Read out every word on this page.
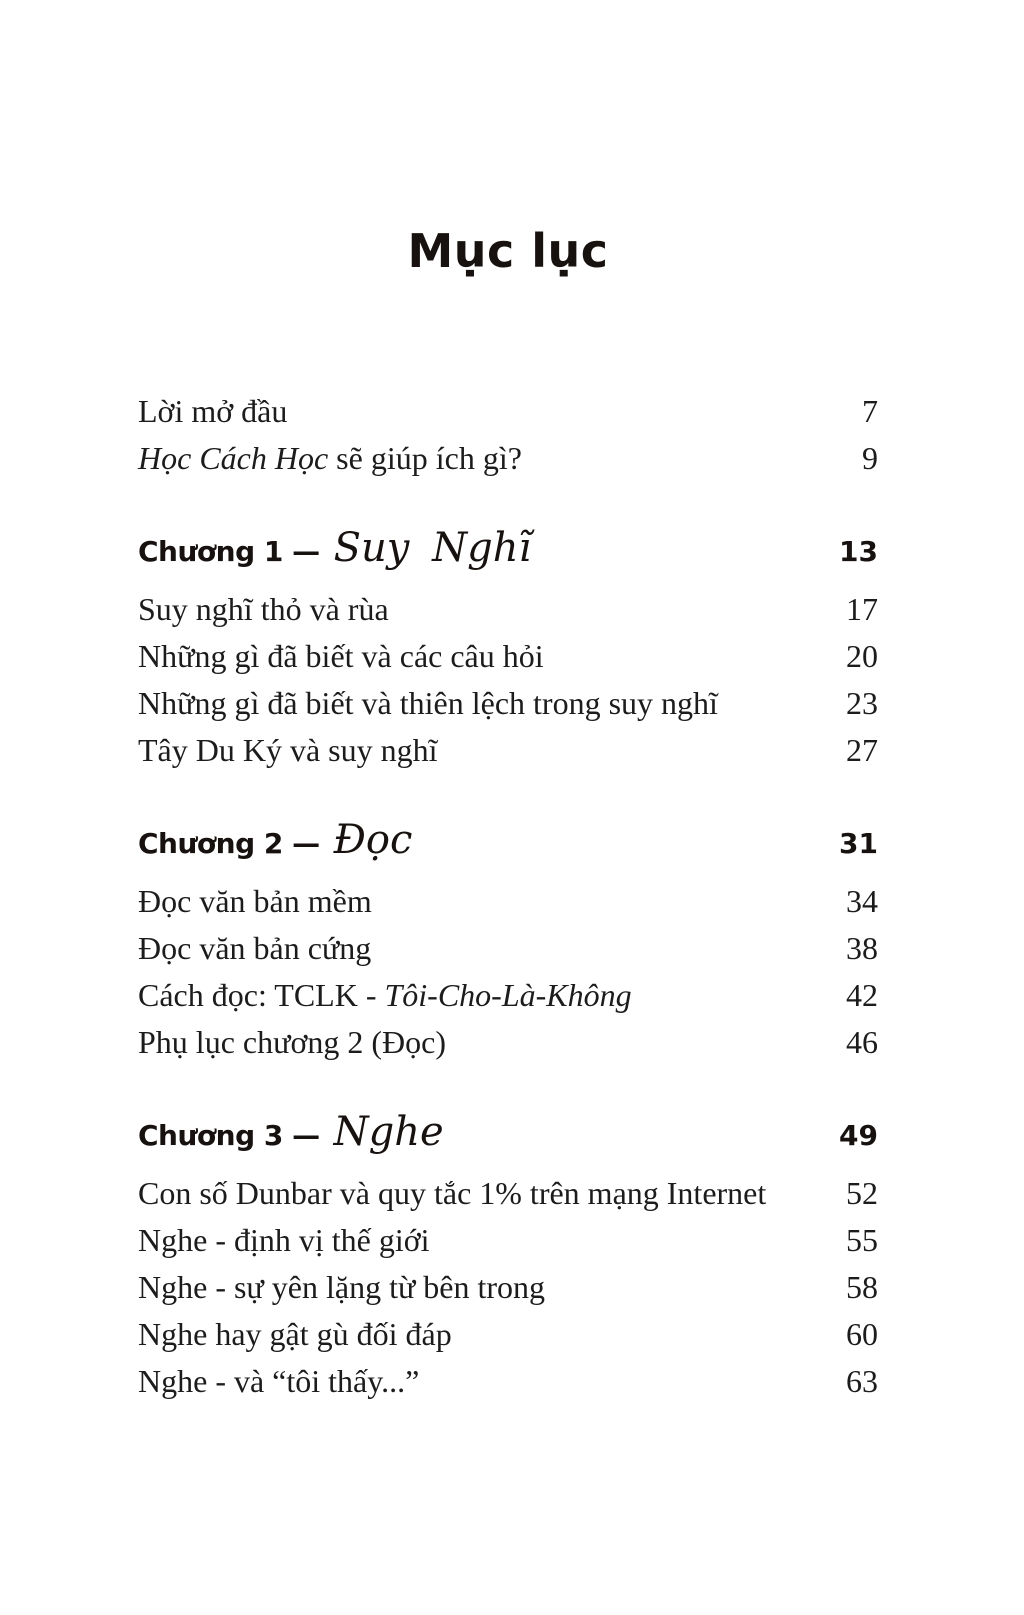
Mục lục
Lời mở đầu	7
Học Cách Học sẽ giúp ích gì?	9
Chương 1 — Suy Nghĩ	13
Suy nghĩ thỏ và rùa	17
Những gì đã biết và các câu hỏi	20
Những gì đã biết và thiên lệch trong suy nghĩ	23
Tây Du Ký và suy nghĩ	27
Chương 2 — Đọc	31
Đọc văn bản mềm	34
Đọc văn bản cứng	38
Cách đọc: TCLK - Tôi-Cho-Là-Không	42
Phụ lục chương 2 (Đọc)	46
Chương 3 — Nghe	49
Con số Dunbar và quy tắc 1% trên mạng Internet 52
Nghe - định vị thế giới	55
Nghe - sự yên lặng từ bên trong	58
Nghe hay gật gù đối đáp	60
Nghe - và “tôi thấy...”	63
